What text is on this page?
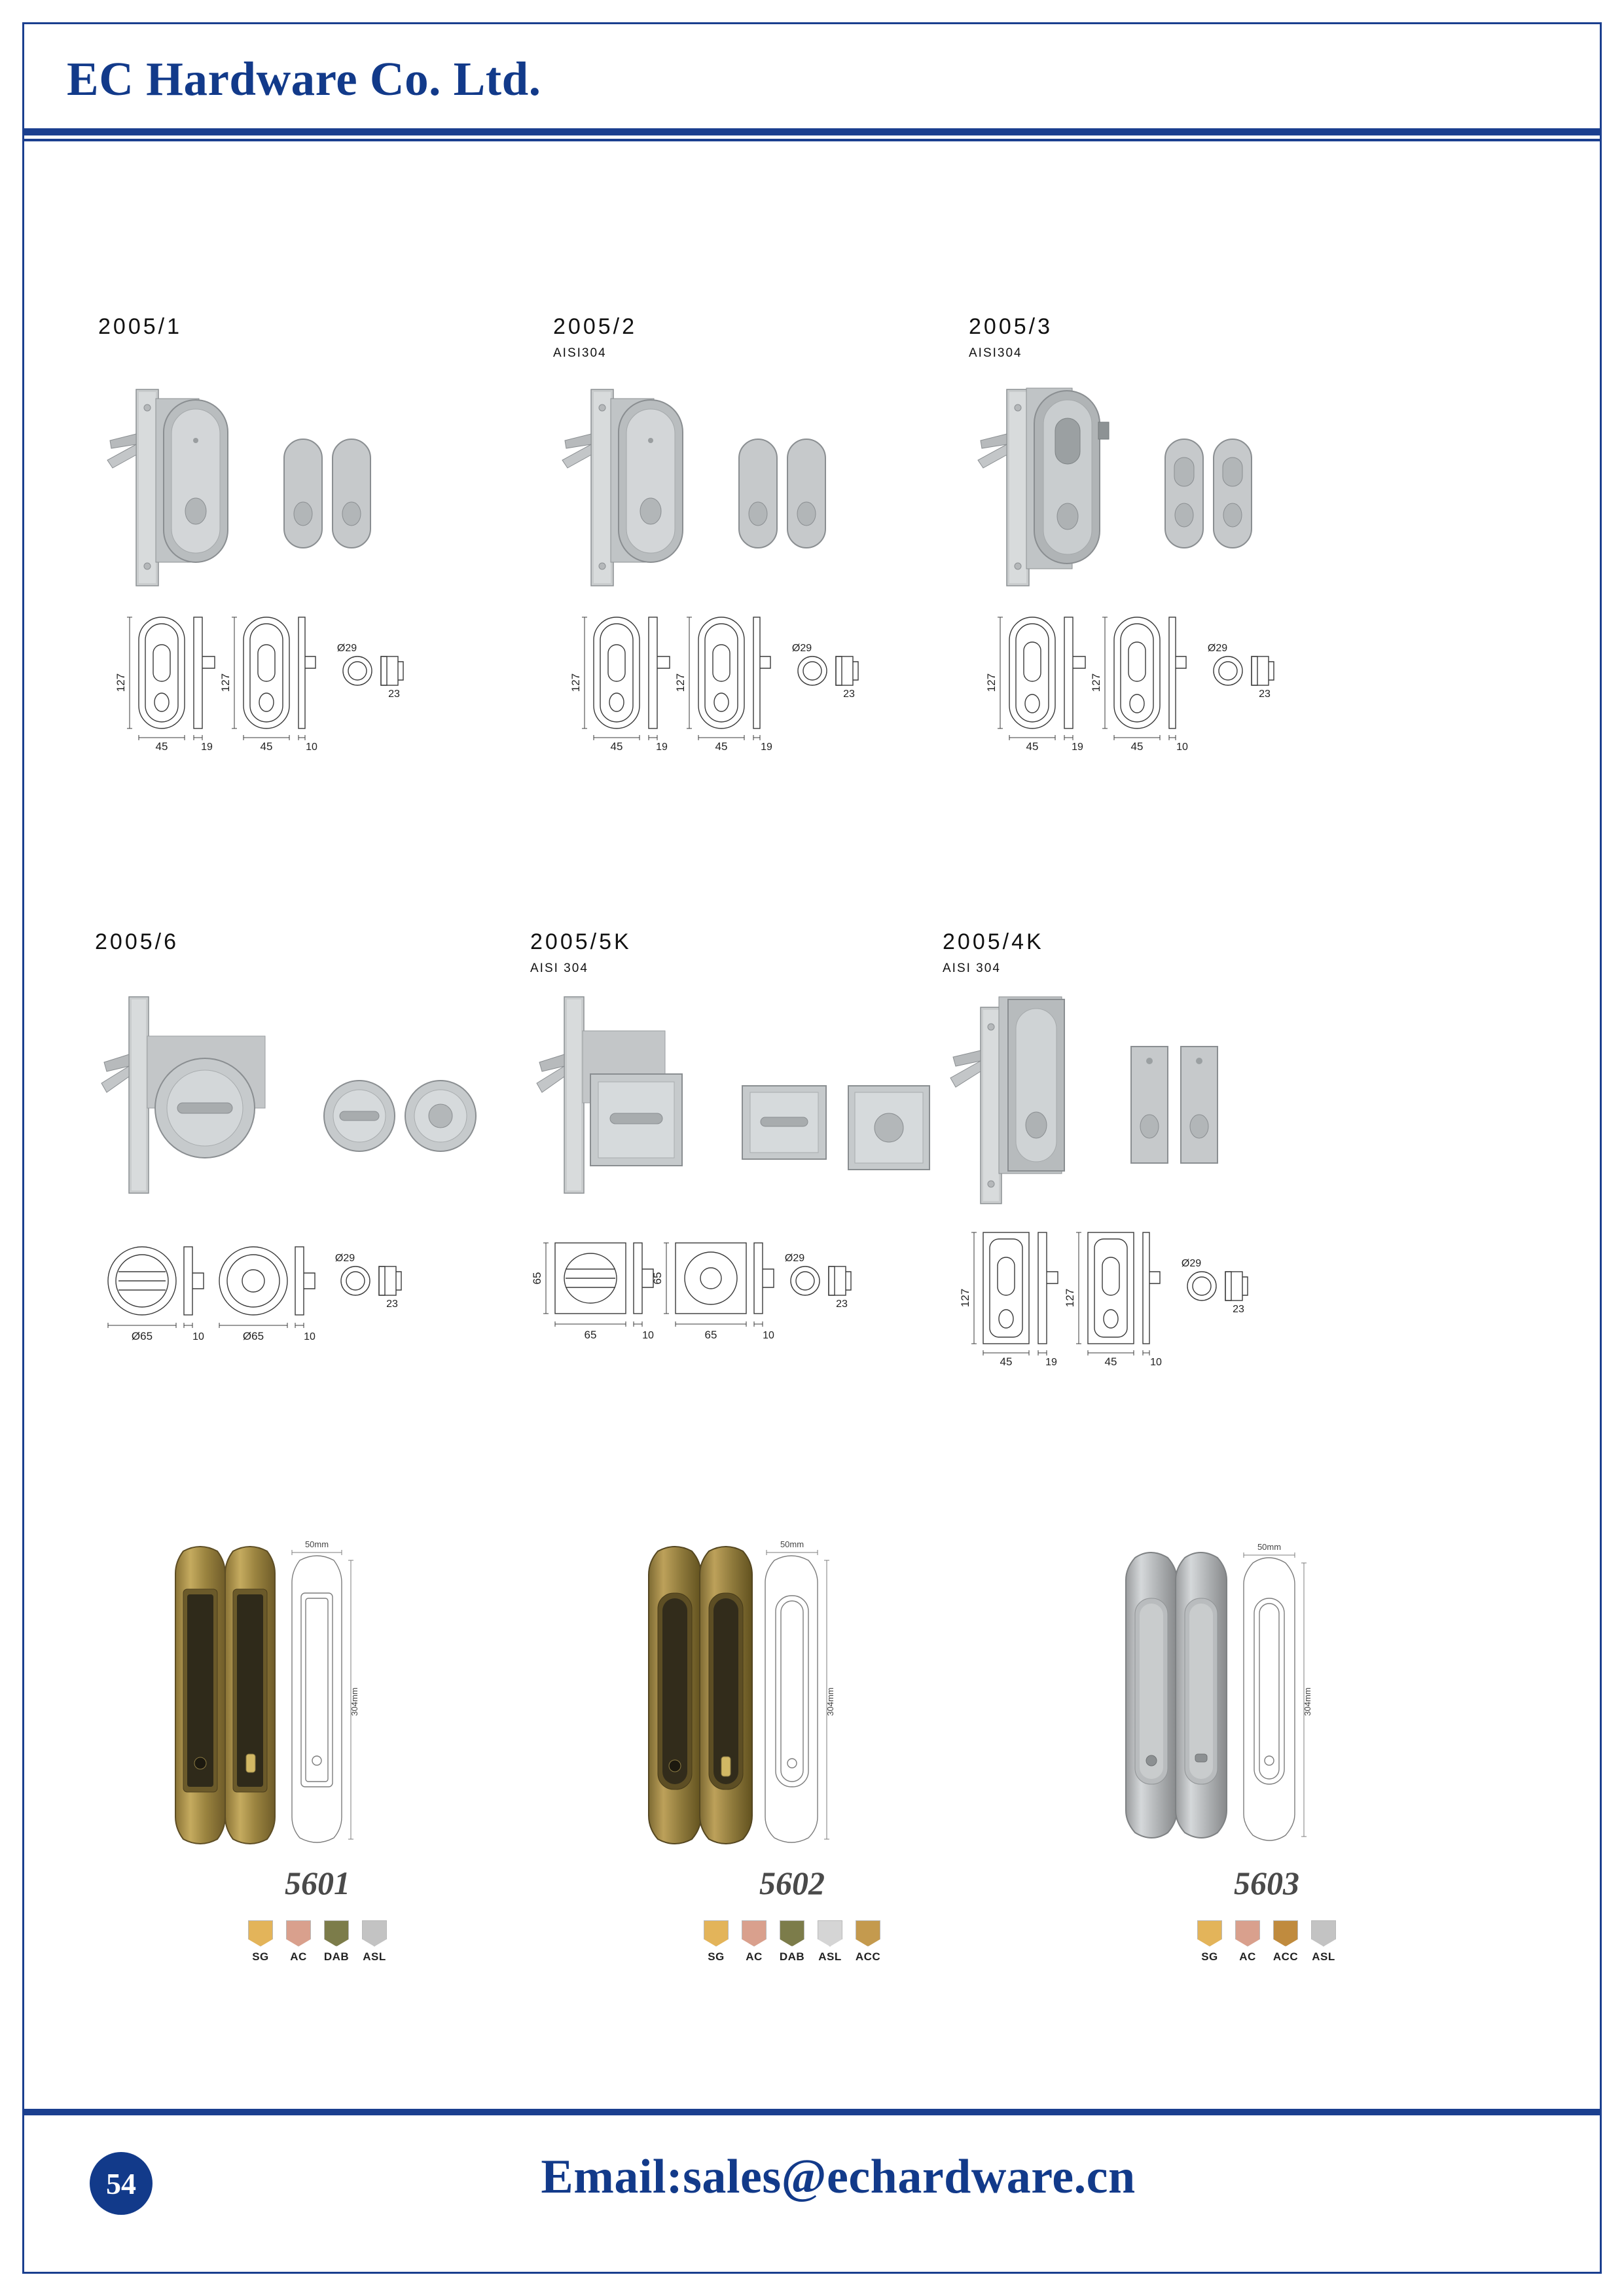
EC Hardware Co. Ltd.
2005/1
127
45	19
127
45	10
Ø29
23
2005/2
AISI304
127
45	19
127
45	19
Ø29
23
2005/3
AISI304
127
45	19
127
45	10
Ø29
23
2005/6
Ø65	10	Ø65	10
Ø29
23
2005/5K
AISI 304
65
65	10
65
65	10
Ø29
23
2005/4K
AISI 304
127
45	19
127
45	10
Ø29
23
50mm
304mm
5601
SG	AC	DAB ASL
50mm
304mm
5602
SG	AC	DAB ASL ACC
50mm
304mm
5603
SG	AC	ACC ASL
54	Email:sales@echardware.cn
